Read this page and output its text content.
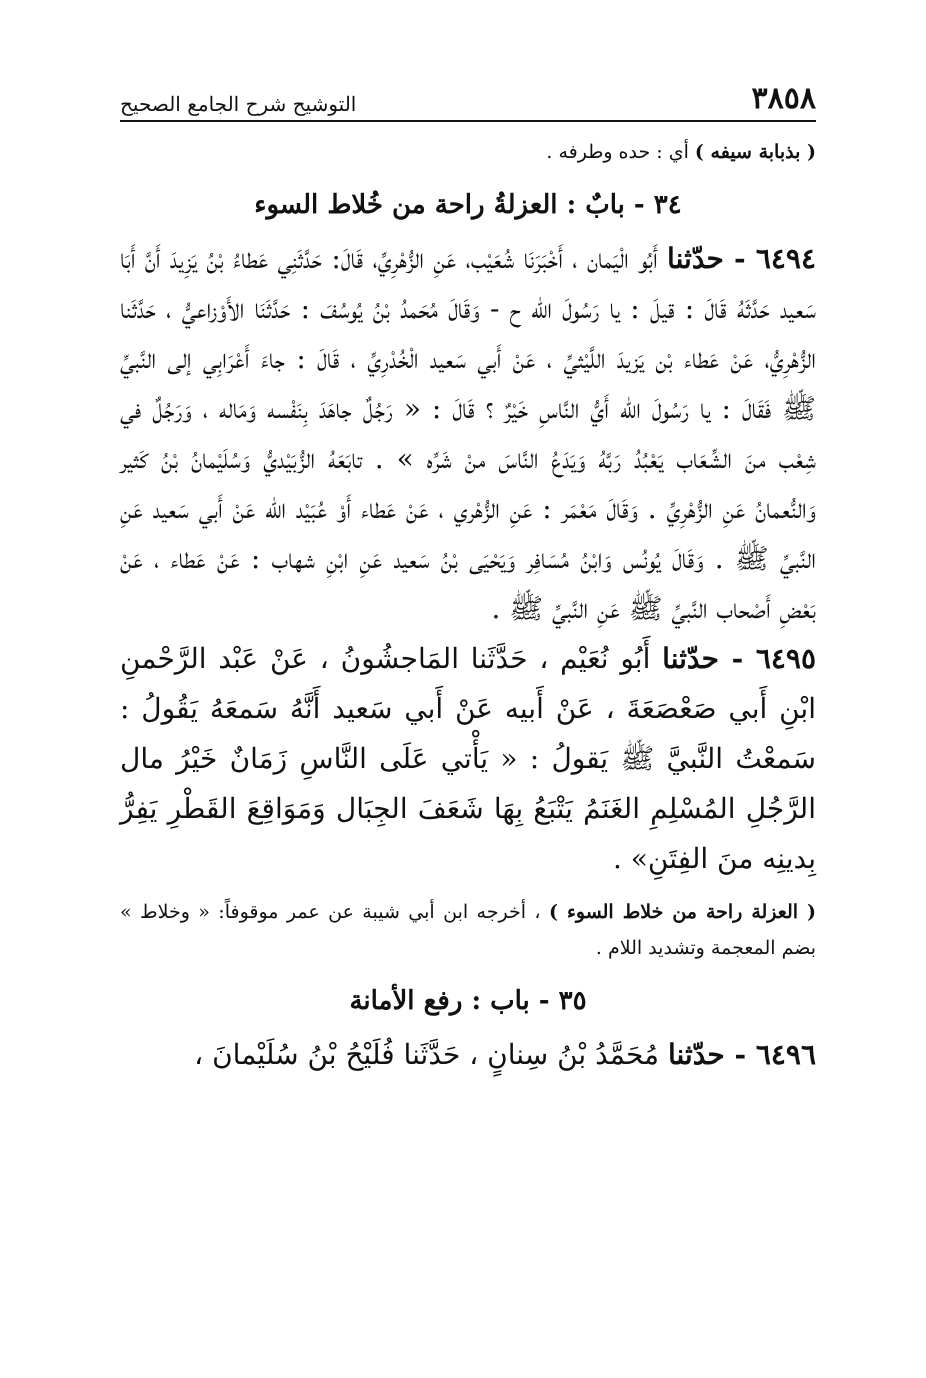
٣٨٥٨
التوشيح شرح الجامع الصحيح
( بذبابة سيفه ) أي : حده وطرفه .
٣٤ - بابٌ : العزلةُ راحة من خُلاط السوء
٦٤٩٤ - حدّثنا أَبُو الْيَمان ، أَخْبَرَنَا شُعَيْب، عَنِ الزُّهْرِيِّ، قَالَ: حَدَّثَنِي عَطاءُ بْنُ يَزِيدَ أَنَّ أَبَا سَعيد حَدَّثَهُ قَالَ : قيلَ : يا رَسُولَ الله ح - وَقَالَ مُحَمدُ بْنُ يُوسُفَ : حَدَّثَنَا الأَوْزاعيُّ ، حَدَّثَنا الزُّهْرِيُّ، عَنْ عَطاء بْن يَزيدَ اللَّيْثيِّ ، عَنْ أَبي سَعيد الْخُدْرِيِّ ، قَالَ : جاءَ أَعْرَابِي إلى النَّبيِّ ﷺ فَقَالَ : يا رَسُولَ الله أَيُّ النَّاسِ خَيْرٌ ؟ قَالَ : « رَجُلٌ جاهَدَ بِنَفْسه وَمَاله ، وَرَجُلٌ في شِعْب منَ الشِّعَاب يَعْبُدُ رَبَّهُ وَيَدَعُ النَّاسَ منْ شَرِّه » . تابَعَهُ الزُّبَيْديُّ وَسُلَيْمانُ بْنُ كَثير وَالنُّعمانُ عَنِ الزُّهْرِيِّ . وَقَالَ مَعْمَر : عَنِ الزُّهْري ، عَنْ عَطاء أَوْ عُبَيْد الله عَنْ أَبي سَعيد عَنِ النَّبيِّ ﷺ . وَقَالَ يُونُس وَابْنُ مُسَافِر وَيَحْيَى بْنُ سَعيد عَنِ ابْنِ شهاب : عَنْ عَطاء ، عَنْ بَعْضِ أَصْحاب النَّبيِّ ﷺ عَنِ النَّبيِّ ﷺ .
٦٤٩٥ - حدّثنا أَبُو نُعَيْم ، حَدَّثَنا المَاجشُونُ ، عَنْ عَبْد الرَّحْمنِ ابْنِ أَبي صَعْصَعَةَ ، عَنْ أَبيه عَنْ أَبي سَعيد أَنَّهُ سَمعَهُ يَقُولُ : سَمعْتُ النَّبيَّ ﷺ يَقولُ : « يَأْتي عَلَى النَّاسِ زَمَانٌ خَيْرُ مال الرَّجُلِ المُسْلِمِ الغَنَمُ يَتْبَعُ بِهَا شَعَفَ الجِبَال وَمَوَاقِعَ القَطْرِ يَفِرُّ بِدينِه منَ الفِتَنِ» .
( العزلة راحة من خلاط السوء ) ، أخرجه ابن أبي شيبة عن عمر موقوفاً: « وخلاط » بضم المعجمة وتشديد اللام .
٣٥ - باب : رفع الأمانة
٦٤٩٦ - حدّثنا مُحَمَّدُ بْنُ سِنانٍ ، حَدَّثَنا فُلَيْحُ بْنُ سُلَيْمانَ ،
